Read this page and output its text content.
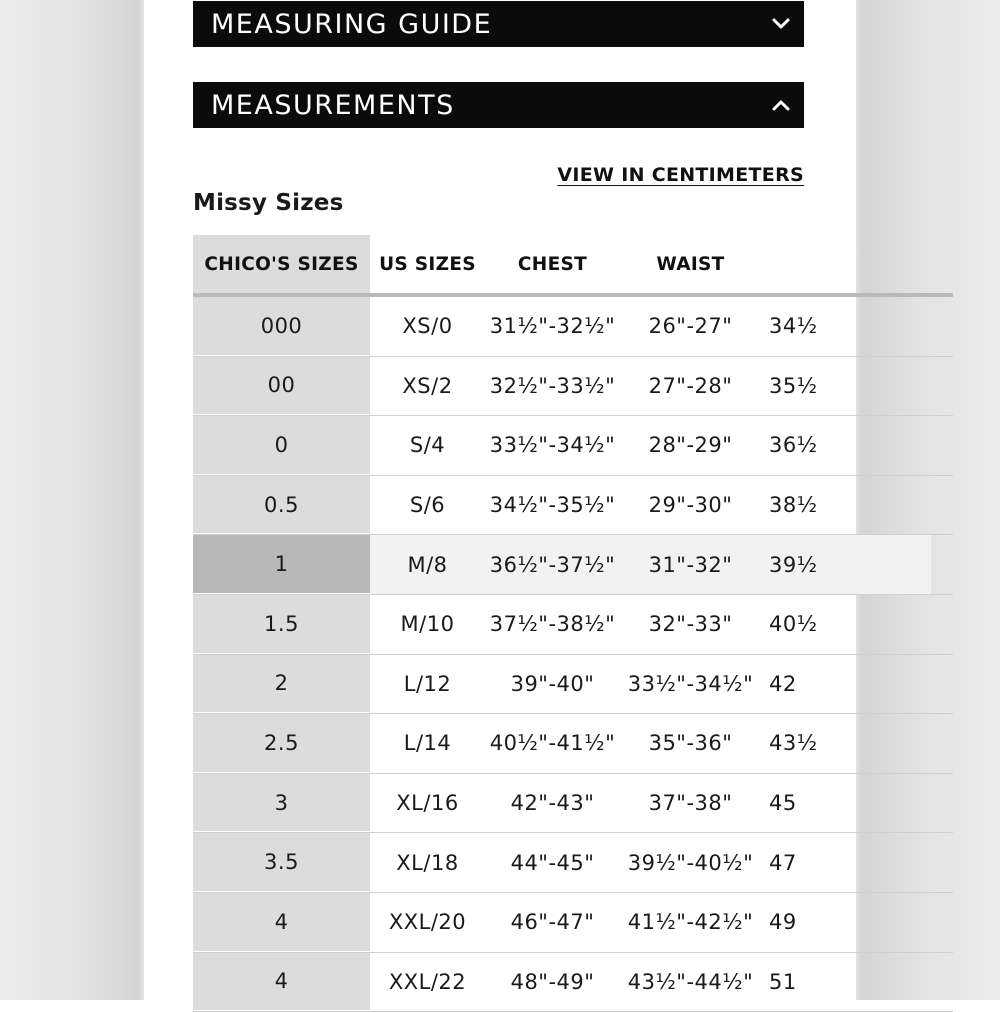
MEASURING GUIDE
MEASUREMENTS
VIEW IN CENTIMETERS
Missy Sizes
CHICO'S SIZES	US SIZES	CHEST	WAIST
000	XS/0	31½"-32½"	26"-27"	34½
00	XS/2	32½"-33½"	27"-28"	35½
0	S/4	33½"-34½"	28"-29"	36½
0.5	S/6	34½"-35½"	29"-30"	38½
1	M/8	36½"-37½"	31"-32"	39½
1.5	M/10	37½"-38½"	32"-33"	40½
2	L/12	39"-40"	33½"-34½" 42
2.5	L/14	40½"-41½"	35"-36"	43½
3	XL/16	42"-43"	37"-38"	45
3.5	XL/18	44"-45"	39½"-40½" 47
4	XXL/20	46"-47"	41½"-42½" 49
4	XXL/22	48"-49"	43½"-44½" 51
